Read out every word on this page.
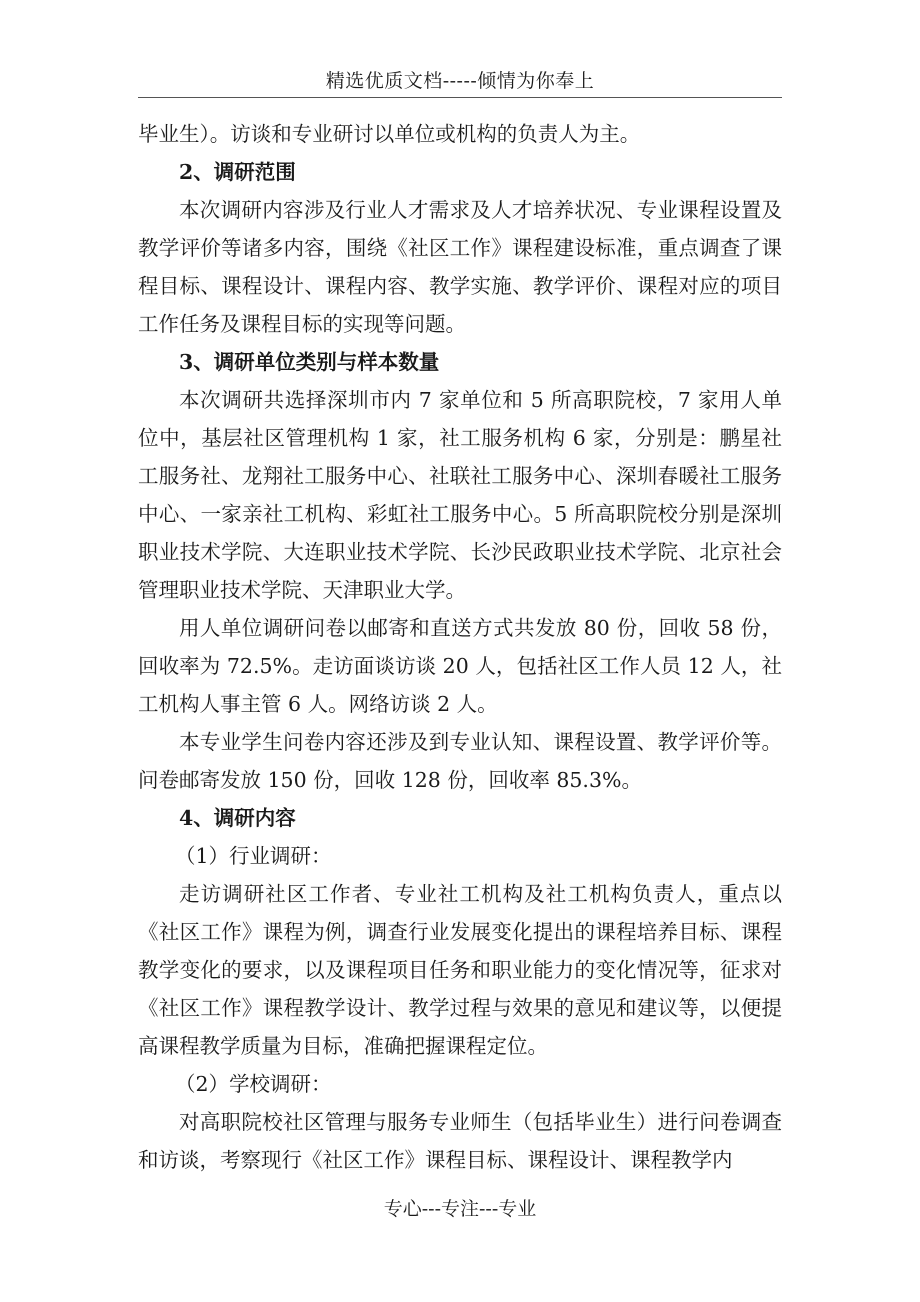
精选优质文档-----倾情为你奉上

毕业生）。访谈和专业研讨以单位或机构的负责人为主。

2、调研范围

本次调研内容涉及行业人才需求及人才培养状况、专业课程设置及教学评价等诸多内容，围绕《社区工作》课程建设标准，重点调查了课程目标、课程设计、课程内容、教学实施、教学评价、课程对应的项目工作任务及课程目标的实现等问题。

3、调研单位类别与样本数量

本次调研共选择深圳市内 7 家单位和 5 所高职院校，7 家用人单位中，基层社区管理机构 1 家，社工服务机构 6 家，分别是：鹏星社工服务社、龙翔社工服务中心、社联社工服务中心、深圳春暖社工服务中心、一家亲社工机构、彩虹社工服务中心。5 所高职院校分别是深圳职业技术学院、大连职业技术学院、长沙民政职业技术学院、北京社会管理职业技术学院、天津职业大学。

用人单位调研问卷以邮寄和直送方式共发放 80 份，回收 58 份，回收率为 72.5%。走访面谈访谈 20 人，包括社区工作人员 12 人，社工机构人事主管 6 人。网络访谈 2 人。

本专业学生问卷内容还涉及到专业认知、课程设置、教学评价等。问卷邮寄发放 150 份，回收 128 份，回收率 85.3%。

4、调研内容

（1）行业调研：

走访调研社区工作者、专业社工机构及社工机构负责人，重点以《社区工作》课程为例，调查行业发展变化提出的课程培养目标、课程教学变化的要求，以及课程项目任务和职业能力的变化情况等，征求对《社区工作》课程教学设计、教学过程与效果的意见和建议等，以便提高课程教学质量为目标，准确把握课程定位。

（2）学校调研：

对高职院校社区管理与服务专业师生（包括毕业生）进行问卷调查和访谈，考察现行《社区工作》课程目标、课程设计、课程教学内

专心---专注---专业
